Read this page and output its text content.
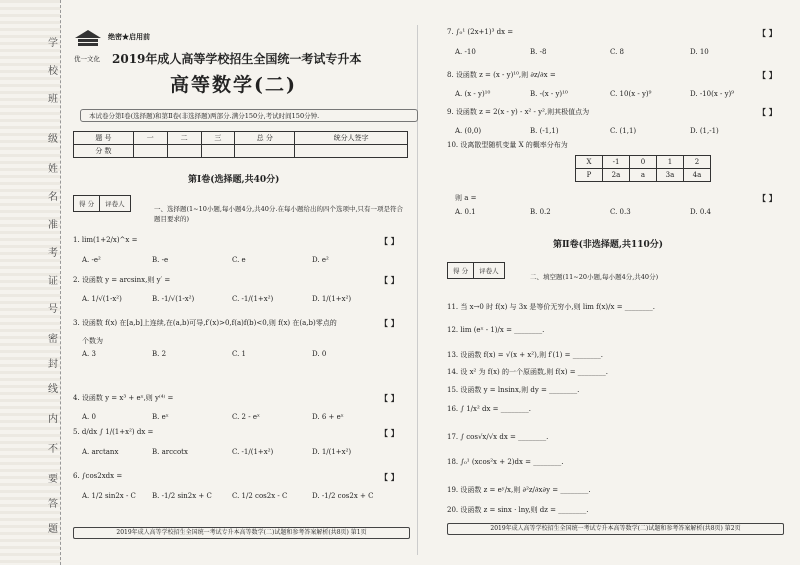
学
校
班
级
姓
名
准
考
证
号
密
封
线
内
不
要
答
题
优一文化
绝密★启用前
2019年成人高等学校招生全国统一考试专升本
高等数学(二)
本试卷分第Ⅰ卷(选择题)和第Ⅱ卷(非选择题)两部分.满分150分,考试时间150分钟.
题 号	一	二	三	总 分	统分人签字
分 数					
第Ⅰ卷(选择题,共40分)
得 分 评卷人
一、选择题(1~10小题,每小题4分,共40分.在每小题给出的四个选项中,只有一项是符合题目要求的)
1. lim(1+2/x)^x =	【 】
A. -e²	B. -e	C. e	D. e²
2. 设函数 y = arcsinx,则 y′ =	【 】
A. 1/√(1-x²)	B. -1/√(1-x²)	C. -1/(1+x²)	D. 1/(1+x²)
3. 设函数 f(x) 在[a,b]上连续,在(a,b)可导,f′(x)>0,f(a)f(b)<0,则 f(x) 在(a,b)零点的	【 】
个数为
A. 3	B. 2	C. 1	D. 0
4. 设函数 y = x³ + eˣ,则 y⁽⁴⁾ =	【 】
A. 0	B. eˣ	C. 2 - eˣ	D. 6 + eˣ
5. d/dx ∫ 1/(1+x²) dx =	【 】
A. arctanx	B. arccotx	C. -1/(1+x²)	D. 1/(1+x²)
6. ∫cos2xdx =	【 】
A. 1/2 sin2x - C B. -1/2 sin2x + C	C. 1/2 cos2x - C	D. -1/2 cos2x + C
7. ∫₀¹ (2x+1)³ dx =	【 】
A. -10	B. -8	C. 8	D. 10
8. 设函数 z = (x - y)¹⁰,则 ∂z/∂x =	【 】
A. (x - y)¹⁰	B. -(x - y)¹⁰	C. 10(x - y)⁹	D. -10(x - y)⁹
9. 设函数 z = 2(x - y) - x² - y²,则其极值点为	【 】
A. (0,0)	B. (-1,1)	C. (1,1)	D. (1,-1)
10. 设离散型随机变量 X 的概率分布为
则 a =	【 】
A. 0.1	B. 0.2	C. 0.3	D. 0.4
X	-1	0	1	2
P	2a	a	3a	4a
第Ⅱ卷(非选择题,共110分)
得 分 评卷人
二、填空题(11~20小题,每小题4分,共40分)
11. 当 x→0 时 f(x) 与 3x 是等价无穷小,则 lim f(x)/x = ________.
12. lim (eˣ - 1)/x = ________.
13. 设函数 f(x) = √(x + x²),则 f′(1) = ________.
14. 设 x² 为 f(x) 的一个原函数,则 f(x) = ________.
15. 设函数 y = lnsinx,则 dy = ________.
16. ∫ 1/x² dx = ________.
17. ∫ cos√x/√x dx = ________.
18. ∫₀¹ (xcos²x + 2)dx = ________.
19. 设函数 z = eʸ/x,则 ∂²z/∂x∂y = ________.
20. 设函数 z = sinx · lny,则 dz = ________.
2019年成人高等学校招生全国统一考试专升本高等数学(二)试题和参考答案解析(共8页) 第1页
2019年成人高等学校招生全国统一考试专升本高等数学(二)试题和参考答案解析(共8页) 第2页
